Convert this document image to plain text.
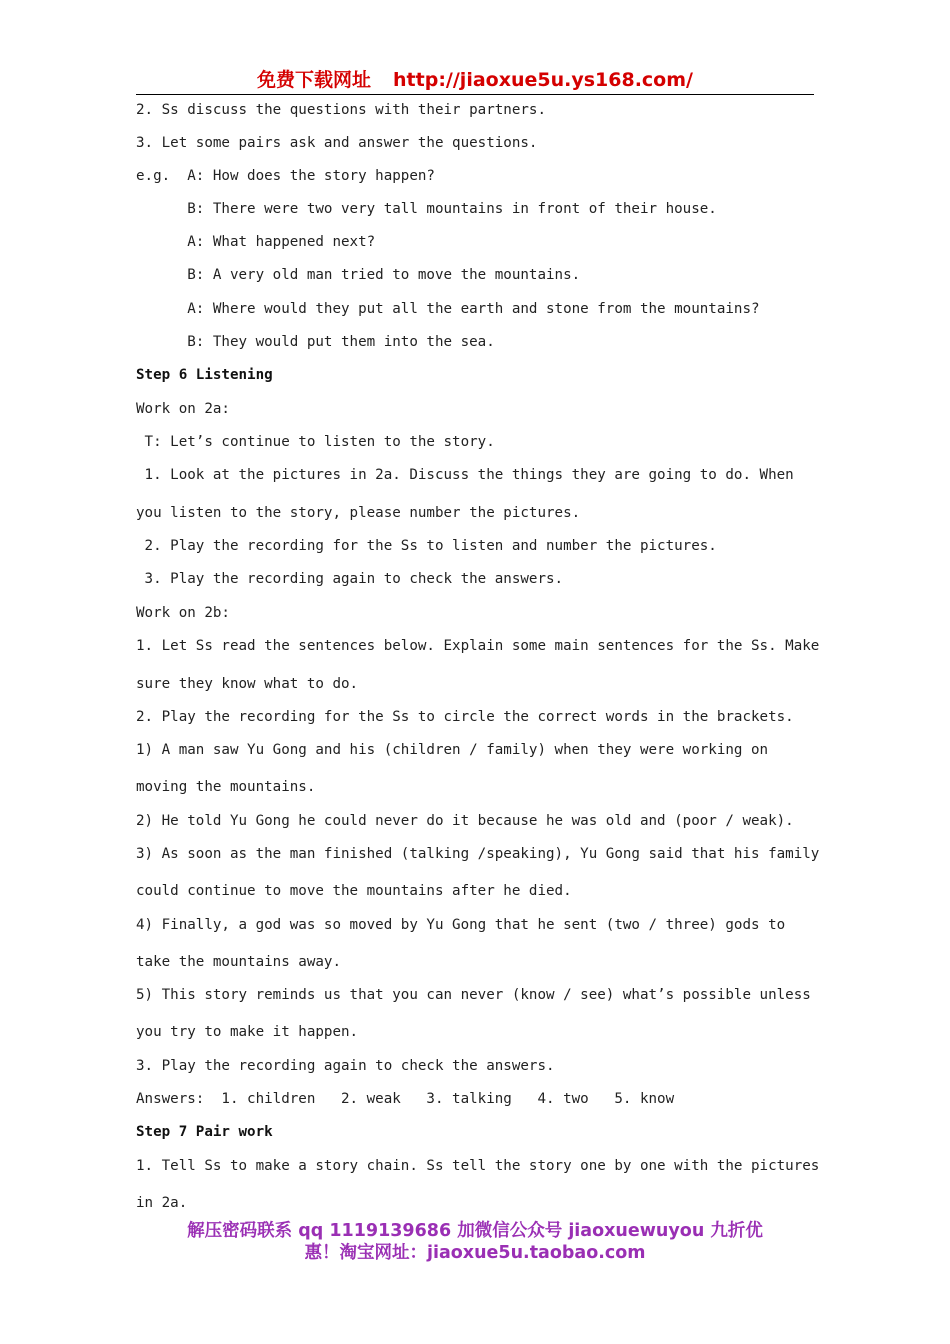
免费下载网址 http://jiaoxue5u.ys168.com/

2. Ss discuss the questions with their partners.

3. Let some pairs ask and answer the questions.

e.g.  A: How does the story happen?

B: There were two very tall mountains in front of their house.

A: What happened next?

B: A very old man tried to move the mountains.

A: Where would they put all the earth and stone from the mountains?

B: They would put them into the sea.

Step 6 Listening

Work on 2a:

T: Let’s continue to listen to the story.

1. Look at the pictures in 2a. Discuss the things they are going to do. When

you listen to the story, please number the pictures.

2. Play the recording for the Ss to listen and number the pictures.

3. Play the recording again to check the answers.

Work on 2b:

1. Let Ss read the sentences below. Explain some main sentences for the Ss. Make

sure they know what to do.

2. Play the recording for the Ss to circle the correct words in the brackets.

1) A man saw Yu Gong and his (children / family) when they were working on

moving the mountains.

2) He told Yu Gong he could never do it because he was old and (poor / weak).

3) As soon as the man finished (talking /speaking), Yu Gong said that his family

could continue to move the mountains after he died.

4) Finally, a god was so moved by Yu Gong that he sent (two / three) gods to

take the mountains away.

5) This story reminds us that you can never (know / see) what’s possible unless

you try to make it happen.

3. Play the recording again to check the answers.

Answers:  1. children   2. weak   3. talking   4. two   5. know

Step 7 Pair work

1. Tell Ss to make a story chain. Ss tell the story one by one with the pictures

in 2a.

解压密码联系 qq 1119139686 加微信公众号 jiaoxuewuyou 九折优
惠！淘宝网址：jiaoxue5u.taobao.com
